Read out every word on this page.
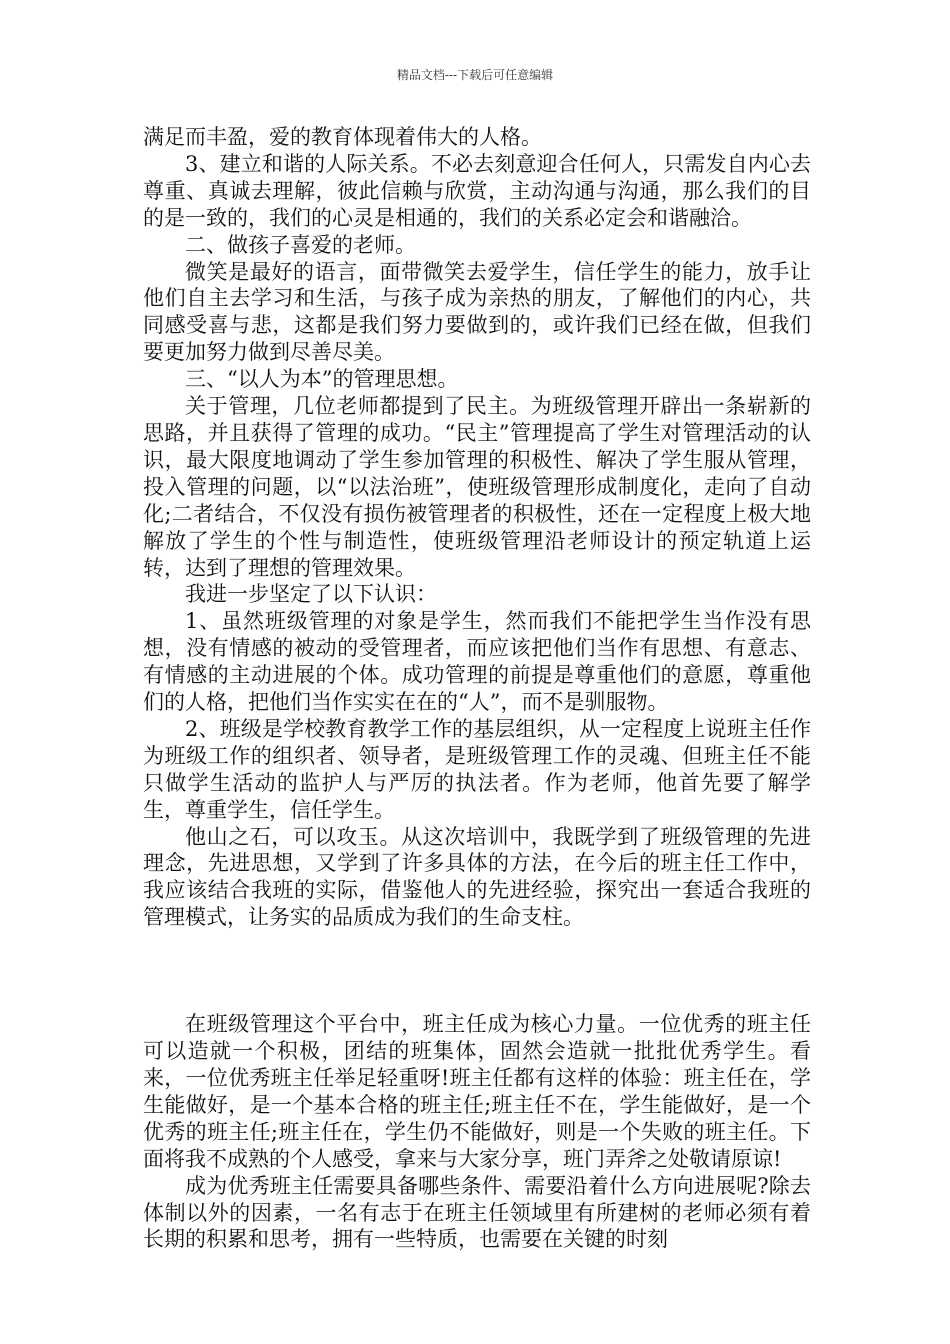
精品文档---下载后可任意编辑

满足而丰盈，爱的教育体现着伟大的人格。

3、建立和谐的人际关系。不必去刻意迎合任何人，只需发自内心去尊重、真诚去理解，彼此信赖与欣赏，主动沟通与沟通，那么我们的目的是一致的，我们的心灵是相通的，我们的关系必定会和谐融洽。

二、做孩子喜爱的老师。

微笑是最好的语言，面带微笑去爱学生，信任学生的能力，放手让他们自主去学习和生活，与孩子成为亲热的朋友，了解他们的内心，共同感受喜与悲，这都是我们努力要做到的，或许我们已经在做，但我们要更加努力做到尽善尽美。

三、“以人为本”的管理思想。

关于管理，几位老师都提到了民主。为班级管理开辟出一条崭新的思路，并且获得了管理的成功。“民主”管理提高了学生对管理活动的认识，最大限度地调动了学生参加管理的积极性、解决了学生服从管理，投入管理的问题，以“以法治班”，使班级管理形成制度化，走向了自动化;二者结合，不仅没有损伤被管理者的积极性，还在一定程度上极大地解放了学生的个性与制造性，使班级管理沿老师设计的预定轨道上运转，达到了理想的管理效果。

我进一步坚定了以下认识：

1、虽然班级管理的对象是学生，然而我们不能把学生当作没有思想，没有情感的被动的受管理者，而应该把他们当作有思想、有意志、有情感的主动进展的个体。成功管理的前提是尊重他们的意愿，尊重他们的人格，把他们当作实实在在的“人”，而不是驯服物。

2、班级是学校教育教学工作的基层组织，从一定程度上说班主任作为班级工作的组织者、领导者，是班级管理工作的灵魂、但班主任不能只做学生活动的监护人与严厉的执法者。作为老师，他首先要了解学生，尊重学生，信任学生。

他山之石，可以攻玉。从这次培训中，我既学到了班级管理的先进理念，先进思想，又学到了许多具体的方法，在今后的班主任工作中，我应该结合我班的实际，借鉴他人的先进经验，探究出一套适合我班的管理模式，让务实的品质成为我们的生命支柱。

在班级管理这个平台中，班主任成为核心力量。一位优秀的班主任可以造就一个积极，团结的班集体，固然会造就一批批优秀学生。看来，一位优秀班主任举足轻重呀!班主任都有这样的体验：班主任在，学生能做好，是一个基本合格的班主任;班主任不在，学生能做好，是一个优秀的班主任;班主任在，学生仍不能做好，则是一个失败的班主任。下面将我不成熟的个人感受，拿来与大家分享，班门弄斧之处敬请原谅!

成为优秀班主任需要具备哪些条件、需要沿着什么方向进展呢?除去体制以外的因素，一名有志于在班主任领域里有所建树的老师必须有着长期的积累和思考，拥有一些特质，也需要在关键的时刻
